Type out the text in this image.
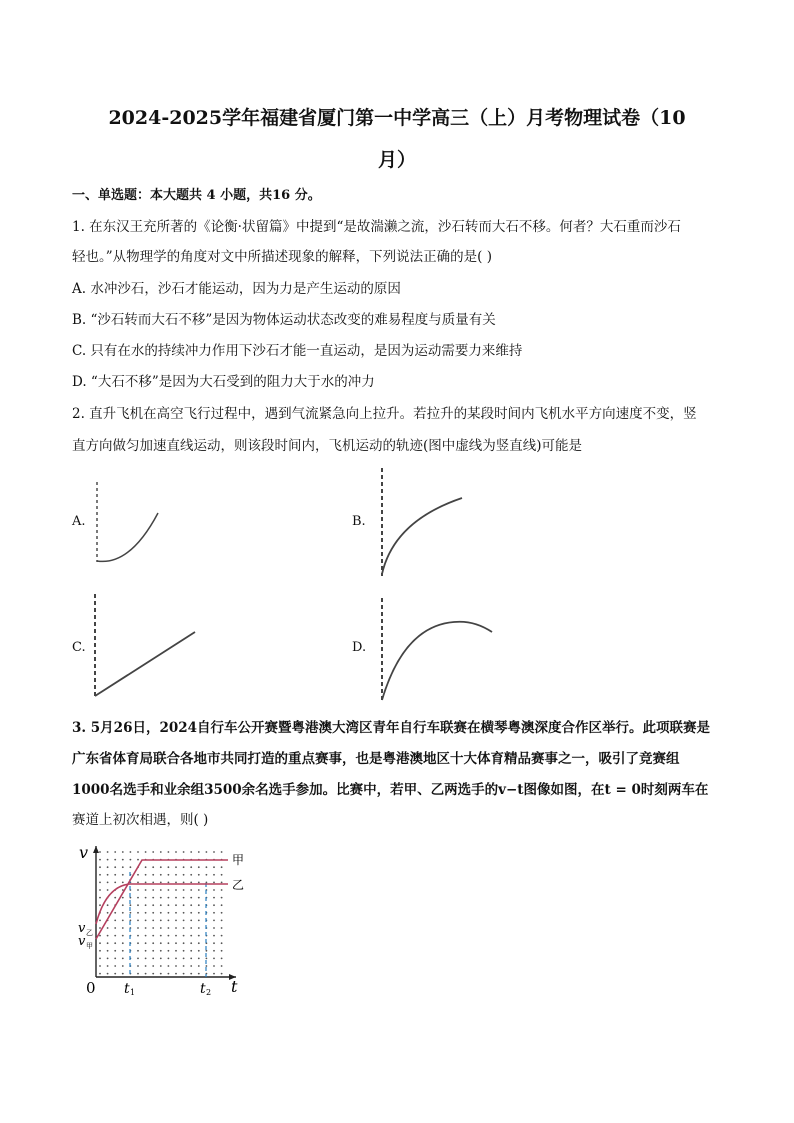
2024-2025学年福建省厦门第一中学高三（上）月考物理试卷（10
月）
一、单选题：本大题共 4 小题，共16 分。
1. 在东汉王充所著的《论衡·状留篇》中提到“是故湍濑之流，沙石转而大石不移。何者？大石重而沙石
轻也。”从物理学的角度对文中所描述现象的解释，下列说法正确的是( )
A. 水冲沙石，沙石才能运动，因为力是产生运动的原因
B. “沙石转而大石不移”是因为物体运动状态改变的难易程度与质量有关
C. 只有在水的持续冲力作用下沙石才能一直运动，是因为运动需要力来维持
D. “大石不移”是因为大石受到的阻力大于水的冲力
2. 直升飞机在高空飞行过程中，遇到气流紧急向上拉升。若拉升的某段时间内飞机水平方向速度不变，竖
直方向做匀加速直线运动，则该段时间内，飞机运动的轨迹(图中虚线为竖直线)可能是
A.	B.
C.	D.
3. 5月26日，2024自行车公开赛暨粤港澳大湾区青年自行车联赛在横琴粤澳深度合作区举行。此项联赛是
广东省体育局联合各地市共同打造的重点赛事，也是粤港澳地区十大体育精品赛事之一，吸引了竞赛组
1000名选手和业余组3500余名选手参加。比赛中，若甲、乙两选手的v−t图像如图，在t = 0时刻两车在
赛道上初次相遇，则( )
v
t
0
甲
乙
v 乙
v 甲
t 1	t 2
